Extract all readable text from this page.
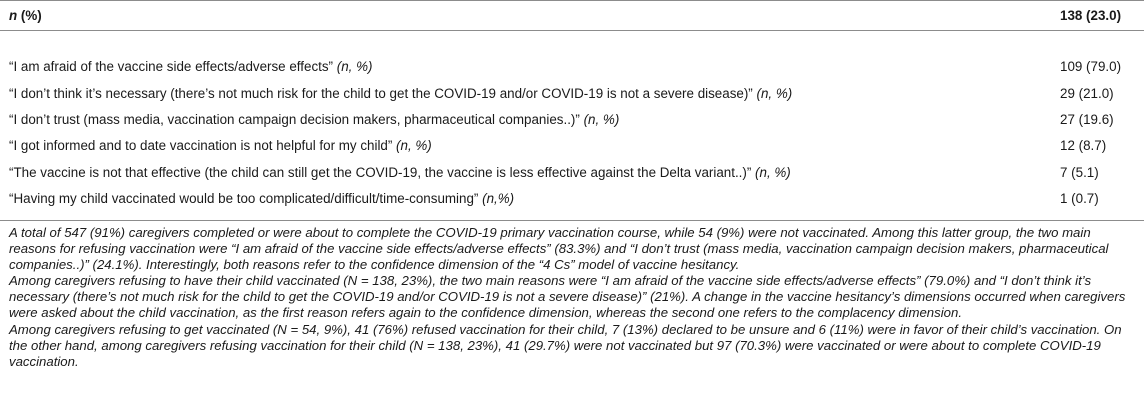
n (%)	138 (23.0)
“I am afraid of the vaccine side effects/adverse effects” (n, %)	109 (79.0)
“I don’t think it’s necessary (there’s not much risk for the child to get the COVID-19 and/or COVID-19 is not a severe disease)” (n, %)	29 (21.0)
“I don’t trust (mass media, vaccination campaign decision makers, pharmaceutical companies..)” (n, %)	27 (19.6)
“I got informed and to date vaccination is not helpful for my child” (n, %)	12 (8.7)
“The vaccine is not that effective (the child can still get the COVID-19, the vaccine is less effective against the Delta variant..)” (n, %)	7 (5.1)
“Having my child vaccinated would be too complicated/difficult/time-consuming” (n,%)	1 (0.7)

A total of 547 (91%) caregivers completed or were about to complete the COVID-19 primary vaccination course, while 54 (9%) were not vaccinated. Among this latter group, the two main reasons for refusing vaccination were “I am afraid of the vaccine side effects/adverse effects” (83.3%) and “I don’t trust (mass media, vaccination campaign decision makers, pharmaceutical companies..)” (24.1%). Interestingly, both reasons refer to the confidence dimension of the “4 Cs” model of vaccine hesitancy.

Among caregivers refusing to have their child vaccinated (N = 138, 23%), the two main reasons were “I am afraid of the vaccine side effects/adverse effects” (79.0%) and “I don’t think it’s necessary (there’s not much risk for the child to get the COVID-19 and/or COVID-19 is not a severe disease)” (21%). A change in the vaccine hesitancy’s dimensions occurred when caregivers were asked about the child vaccination, as the first reason refers again to the confidence dimension, whereas the second one refers to the complacency dimension.

Among caregivers refusing to get vaccinated (N = 54, 9%), 41 (76%) refused vaccination for their child, 7 (13%) declared to be unsure and 6 (11%) were in favor of their child’s vaccination. On the other hand, among caregivers refusing vaccination for their child (N = 138, 23%), 41 (29.7%) were not vaccinated but 97 (70.3%) were vaccinated or were about to complete COVID-19 vaccination.
